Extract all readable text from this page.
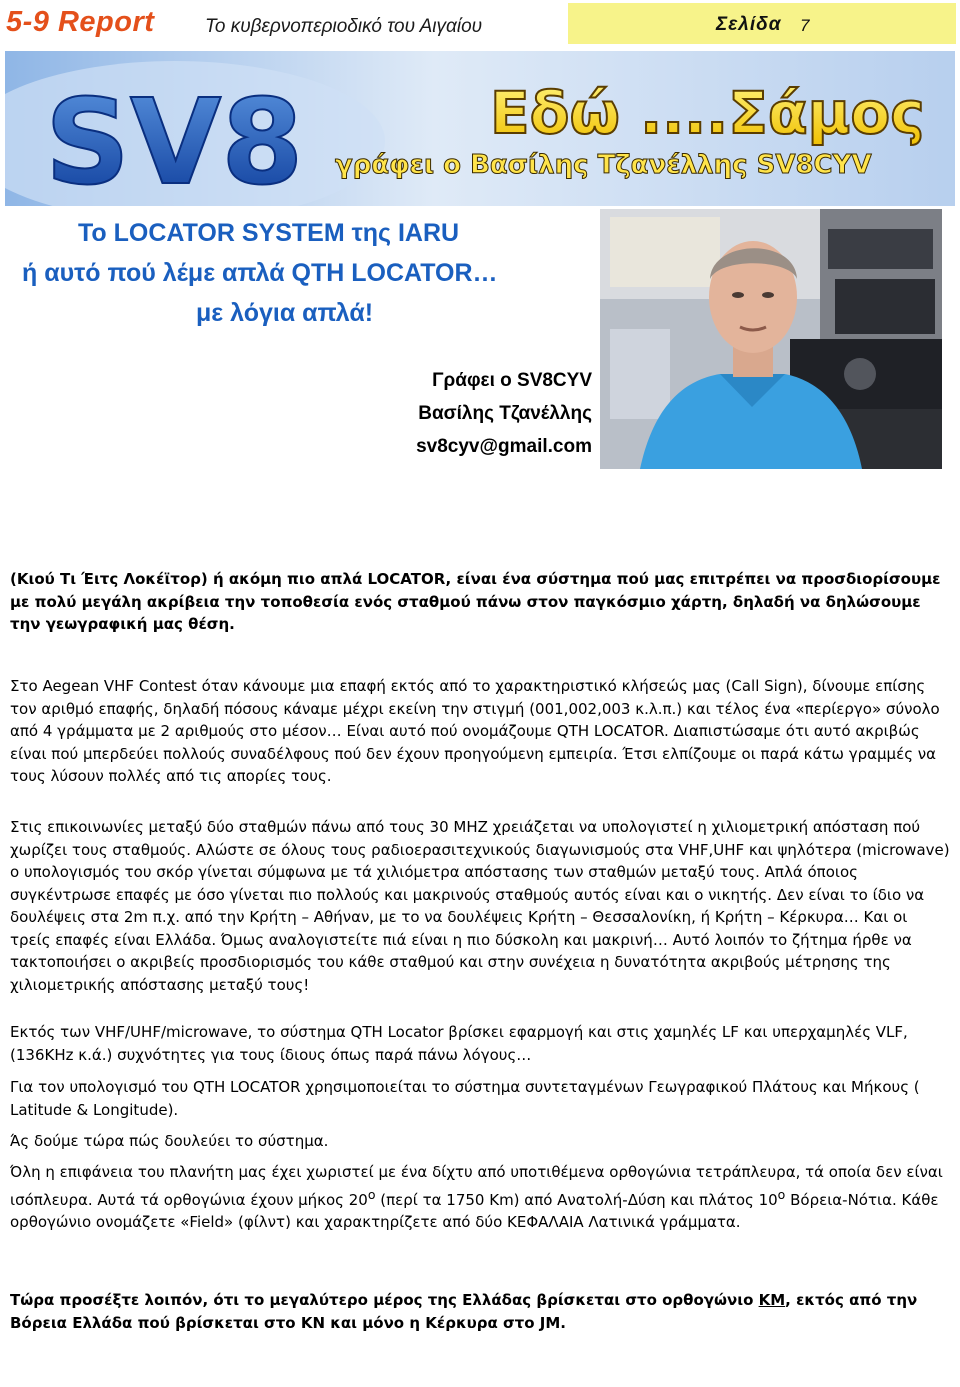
5-9 Report	Το κυβερνοπεριοδικό του Αιγαίου	Σελίδα 7
SV8	Εδώ ....Σάμος
γράφει ο Βασίλης Τζανέλλης SV8CYV
Το LOCATOR SYSTEM της IARU
ή αυτό πού λέμε απλά QTH LOCATOR…
με λόγια απλά!
Γράφει ο SV8CYV
Βασίλης Τζανέλλης
sv8cyv@gmail.com

(Κιού Τι Έιτς Λοκέϊτορ) ή ακόμη πιο απλά LOCATOR, είναι ένα σύστημα πού μας επιτρέπει να προσδιορίσουμε με πολύ μεγάλη ακρίβεια την τοποθεσία ενός σταθμού πάνω στον παγκόσμιο χάρτη, δηλαδή να δηλώσουμε την γεωγραφική μας θέση.

Στο Aegean VHF Contest όταν κάνουμε μια επαφή εκτός από το χαρακτηριστικό κλήσεώς μας (Call Sign), δίνουμε επίσης τον αριθμό επαφής, δηλαδή πόσους κάναμε μέχρι εκείνη την στιγμή (001,002,003 κ.λ.π.) και τέλος ένα «περίεργο» σύνολο από 4 γράμματα με 2 αριθμούς στο μέσον… Είναι αυτό πού ονομάζουμε QTH LOCATOR. Διαπιστώσαμε ότι αυτό ακριβώς είναι πού μπερδεύει πολλούς συναδέλφους πού δεν έχουν προηγούμενη εμπειρία. Έτσι ελπίζουμε οι παρά κάτω γραμμές να τους λύσουν πολλές από τις απορίες τους.

Στις επικοινωνίες μεταξύ δύο σταθμών πάνω από τους 30 MHZ χρειάζεται να υπολογιστεί η χιλιομετρική απόσταση πού χωρίζει τους σταθμούς. Αλώστε σε όλους τους ραδιοερασιτεχνικούς διαγωνισμούς στα VHF,UHF και ψηλότερα (microwave) ο υπολογισμός του σκόρ γίνεται σύμφωνα με τά χιλιόμετρα απόστασης των σταθμών μεταξύ τους. Απλά όποιος συγκέντρωσε επαφές με όσο γίνεται πιο πολλούς και μακρινούς σταθμούς αυτός είναι και ο νικητής. Δεν είναι το ίδιο να δουλέψεις στα 2m π.χ. από την Κρήτη – Αθήναν, με το να δουλέψεις Κρήτη – Θεσσαλονίκη, ή Κρήτη – Κέρκυρα… Και οι τρείς επαφές είναι Ελλάδα. Όμως αναλογιστείτε πιά είναι η πιο δύσκολη και μακρινή… Αυτό λοιπόν το ζήτημα ήρθε να τακτοποιήσει ο ακριβείς προσδιορισμός του κάθε σταθμού και στην συνέχεια η δυνατότητα ακριβούς μέτρησης της χιλιομετρικής απόστασης μεταξύ τους!

Εκτός των VHF/UHF/microwave, το σύστημα QTH Locator βρίσκει εφαρμογή και στις χαμηλές LF και υπερχαμηλές VLF, (136KHz κ.ά.) συχνότητες για τους ίδιους όπως παρά πάνω λόγους…

Για τον υπολογισμό του QTH LOCATOR χρησιμοποιείται το σύστημα συντεταγμένων Γεωγραφικού Πλάτους και Μήκους ( Latitude & Longitude).

Άς δούμε τώρα πώς δουλεύει το σύστημα.

Όλη η επιφάνεια του πλανήτη μας έχει χωριστεί με ένα δίχτυ από υποτιθέμενα ορθογώνια τετράπλευρα, τά οποία δεν είναι ισόπλευρα. Αυτά τά ορθογώνια έχουν μήκος $20^o$ (περί τα 1750 Km) από Ανατολή-Δύση και πλάτος $10^o$ Βόρεια-Νότια. Κάθε ορθογώνιο ονομάζετε «Field» (φίλντ) και χαρακτηρίζετε από δύο ΚΕΦΑΛΑΙΑ Λατινικά γράμματα.

Τώρα προσέξτε λοιπόν, ότι το μεγαλύτερο μέρος της Ελλάδας βρίσκεται στο ορθογώνιο KM, εκτός από την Βόρεια Ελλάδα πού βρίσκεται στο KN και μόνο η Κέρκυρα στο JM.
